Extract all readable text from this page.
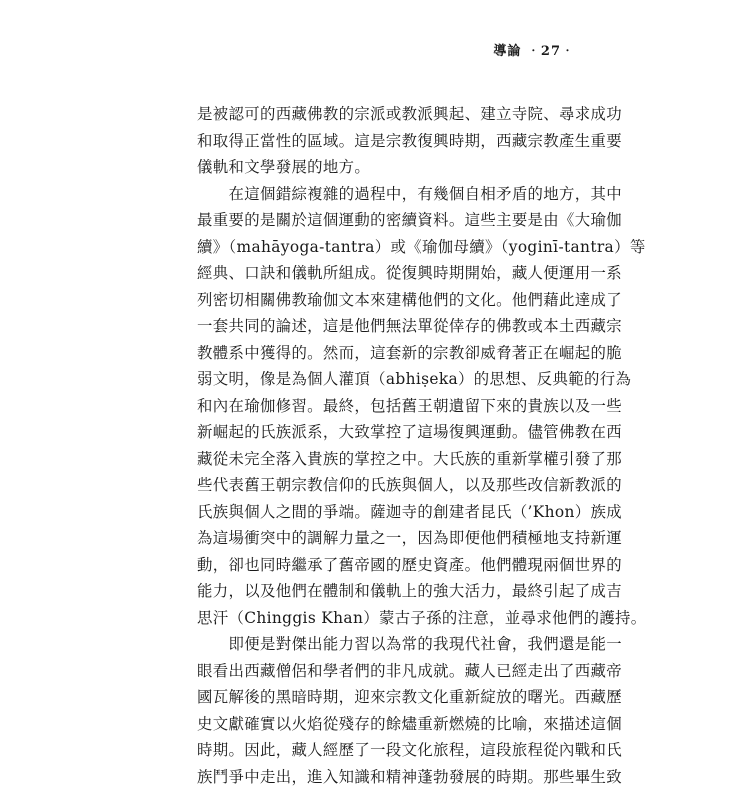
導論 ‧27‧
是被認可的西藏佛教的宗派或教派興起、建立寺院、尋求成功
和取得正當性的區域。這是宗教復興時期，西藏宗教產生重要
儀軌和文學發展的地方。
　　在這個錯綜複雜的過程中，有幾個自相矛盾的地方，其中
最重要的是關於這個運動的密續資料。這些主要是由《大瑜伽
續》（mahāyoga-tantra）或《瑜伽母續》（yoginī-tantra）等
經典、口訣和儀軌所組成。從復興時期開始，藏人便運用一系
列密切相關佛教瑜伽文本來建構他們的文化。他們藉此達成了
一套共同的論述，這是他們無法單從倖存的佛教或本土西藏宗
教體系中獲得的。然而，這套新的宗教卻威脅著正在崛起的脆
弱文明，像是為個人灌頂（abhiṣeka）的思想、反典範的行為
和內在瑜伽修習。最終，包括舊王朝遺留下來的貴族以及一些
新崛起的氏族派系，大致掌控了這場復興運動。儘管佛教在西
藏從未完全落入貴族的掌控之中。大氏族的重新掌權引發了那
些代表舊王朝宗教信仰的氏族與個人，以及那些改信新教派的
氏族與個人之間的爭端。薩迦寺的創建者昆氏（’Khon）族成
為這場衝突中的調解力量之一，因為即便他們積極地支持新運
動，卻也同時繼承了舊帝國的歷史資產。他們體現兩個世界的
能力，以及他們在體制和儀軌上的強大活力，最終引起了成吉
思汗（Chinggis Khan）蒙古子孫的注意，並尋求他們的護持。
　　即便是對傑出能力習以為常的我現代社會，我們還是能一
眼看出西藏僧侶和學者們的非凡成就。藏人已經走出了西藏帝
國瓦解後的黑暗時期，迎來宗教文化重新綻放的曙光。西藏歷
史文獻確實以火焰從殘存的餘燼重新燃燒的比喻，來描述這個
時期。因此，藏人經歷了一段文化旅程，這段旅程從內戰和氏
族鬥爭中走出，進入知識和精神蓬勃發展的時期。那些畢生致
